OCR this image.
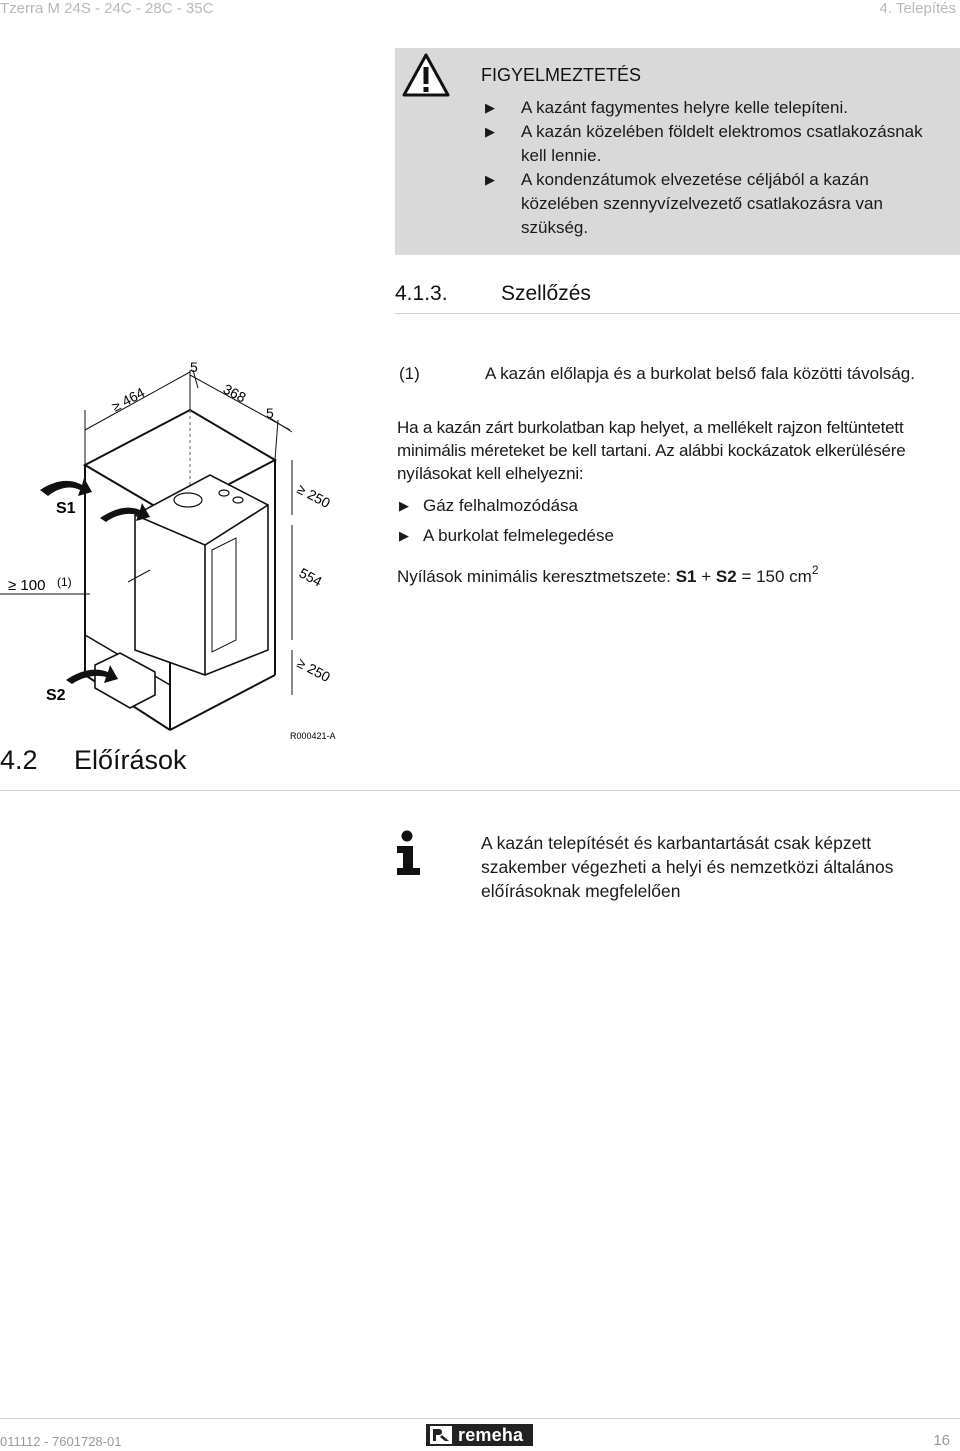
Tzerra M 24S - 24C - 28C - 35C	4. Telepítés
FIGYELMEZTETÉS
▶ A kazánt fagymentes helyre kelle telepíteni.
▶ A kazán közelében földelt elektromos csatlakozásnak kell lennie.
▶ A kondenzátumok elvezetése céljából a kazán közelében szennyvízelvezető csatlakozásra van szükség.
4.1.3.	Szellőzés
≥ 464
5
368
5
≥ 250
554
≥ 250
≥ 100 (1)
S1
S2
R000421-A
(1)	A kazán előlapja és a burkolat belső fala közötti távolság.
Ha a kazán zárt burkolatban kap helyet, a mellékelt rajzon feltüntetett minimális méreteket be kell tartani. Az alábbi kockázatok elkerülésére nyílásokat kell elhelyezni:
▶ Gáz felhalmozódása
▶ A burkolat felmelegedése
Nyílások minimális keresztmetszete: S1 + S2 = 150 $cm^2$
4.2 Előírások
A kazán telepítését és karbantartását csak képzett szakember végezheti a helyi és nemzetközi általános előírásoknak megfelelően
011112 - 7601728-01	remeha	16
